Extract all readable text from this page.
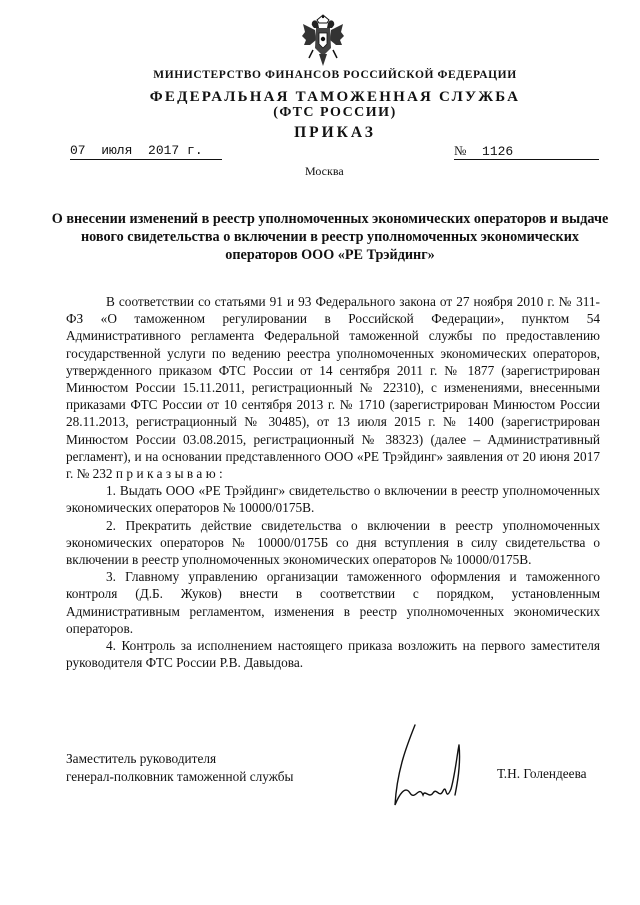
МИНИСТЕРСТВО ФИНАНСОВ РОССИЙСКОЙ ФЕДЕРАЦИИ
ФЕДЕРАЛЬНАЯ ТАМОЖЕННАЯ СЛУЖБА
(ФТС РОССИИ)
ПРИКАЗ
07  июля  2017 г.	№ 1126
Москва
О внесении изменений в реестр уполномоченных экономических операторов и выдаче нового свидетельства о включении в реестр уполномоченных экономических операторов ООО «РЕ Трэйдинг»

В соответствии со статьями 91 и 93 Федерального закона от 27 ноября 2010 г. № 311-ФЗ «О таможенном регулировании в Российской Федерации», пунктом 54 Административного регламента Федеральной таможенной службы по предоставлению государственной услуги по ведению реестра уполномоченных экономических операторов, утвержденного приказом ФТС России от 14 сентября 2011 г. № 1877 (зарегистрирован Минюстом России 15.11.2011, регистрационный № 22310), с изменениями, внесенными приказами ФТС России от 10 сентября 2013 г. № 1710 (зарегистрирован Минюстом России 28.11.2013, регистрационный № 30485), от 13 июля 2015 г. № 1400 (зарегистрирован Минюстом России 03.08.2015, регистрационный № 38323) (далее – Административный регламент), и на основании представленного ООО «РЕ Трэйдинг» заявления от 20 июня 2017 г. № 232 приказываю:

1. Выдать ООО «РЕ Трэйдинг» свидетельство о включении в реестр уполномоченных экономических операторов № 10000/0175В.

2. Прекратить действие свидетельства о включении в реестр уполномоченных экономических операторов № 10000/0175Б со дня вступления в силу свидетельства о включении в реестр уполномоченных экономических операторов № 10000/0175В.

3. Главному управлению организации таможенного оформления и таможенного контроля (Д.Б. Жуков) внести в соответствии с порядком, установленным Административным регламентом, изменения в реестр уполномоченных экономических операторов.

4. Контроль за исполнением настоящего приказа возложить на первого заместителя руководителя ФТС России Р.В. Давыдова.

Заместитель руководителя
генерал-полковник таможенной службы	Т.Н. Голендеева
